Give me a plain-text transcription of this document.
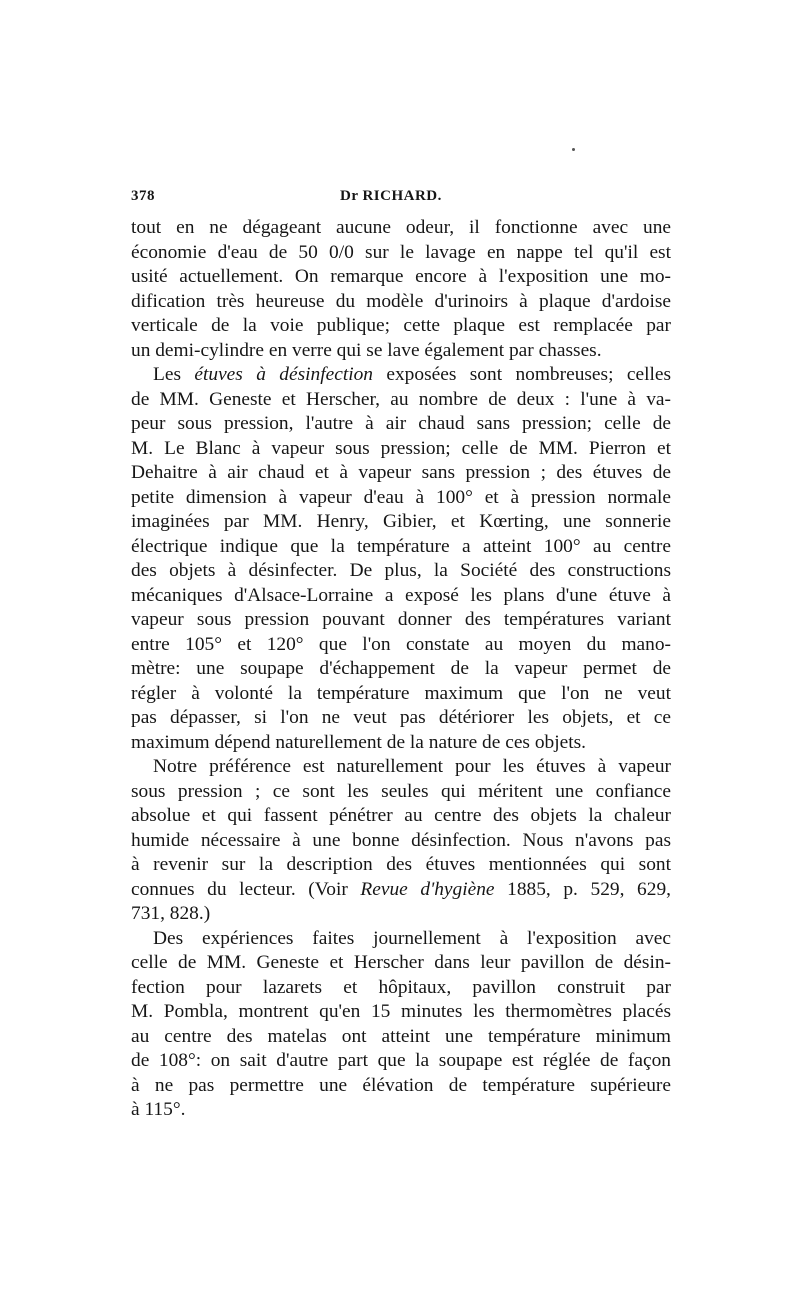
378	Dr RICHARD.
tout en ne dégageant aucune odeur, il fonctionne avec une
économie d'eau de 50 0/0 sur le lavage en nappe tel qu'il est
usité actuellement. On remarque encore à l'exposition une mo-
dification très heureuse du modèle d'urinoirs à plaque d'ardoise
verticale de la voie publique; cette plaque est remplacée par
un demi-cylindre en verre qui se lave également par chasses.
Les étuves à désinfection exposées sont nombreuses; celles
de MM. Geneste et Herscher, au nombre de deux : l'une à va-
peur sous pression, l'autre à air chaud sans pression; celle de
M. Le Blanc à vapeur sous pression; celle de MM. Pierron et
Dehaitre à air chaud et à vapeur sans pression ; des étuves de
petite dimension à vapeur d'eau à 100° et à pression normale
imaginées par MM. Henry, Gibier, et Kœrting, une sonnerie
électrique indique que la température a atteint 100° au centre
des objets à désinfecter. De plus, la Société des constructions
mécaniques d'Alsace-Lorraine a exposé les plans d'une étuve à
vapeur sous pression pouvant donner des températures variant
entre 105° et 120° que l'on constate au moyen du mano-
mètre: une soupape d'échappement de la vapeur permet de
régler à volonté la température maximum que l'on ne veut
pas dépasser, si l'on ne veut pas détériorer les objets, et ce
maximum dépend naturellement de la nature de ces objets.
Notre préférence est naturellement pour les étuves à vapeur
sous pression ; ce sont les seules qui méritent une confiance
absolue et qui fassent pénétrer au centre des objets la chaleur
humide nécessaire à une bonne désinfection. Nous n'avons pas
à revenir sur la description des étuves mentionnées qui sont
connues du lecteur. (Voir Revue d'hygiène 1885, p. 529, 629,
731, 828.)
Des expériences faites journellement à l'exposition avec
celle de MM. Geneste et Herscher dans leur pavillon de désin-
fection pour lazarets et hôpitaux, pavillon construit par
M. Pombla, montrent qu'en 15 minutes les thermomètres placés
au centre des matelas ont atteint une température minimum
de 108°: on sait d'autre part que la soupape est réglée de façon
à ne pas permettre une élévation de température supérieure
à 115°.
